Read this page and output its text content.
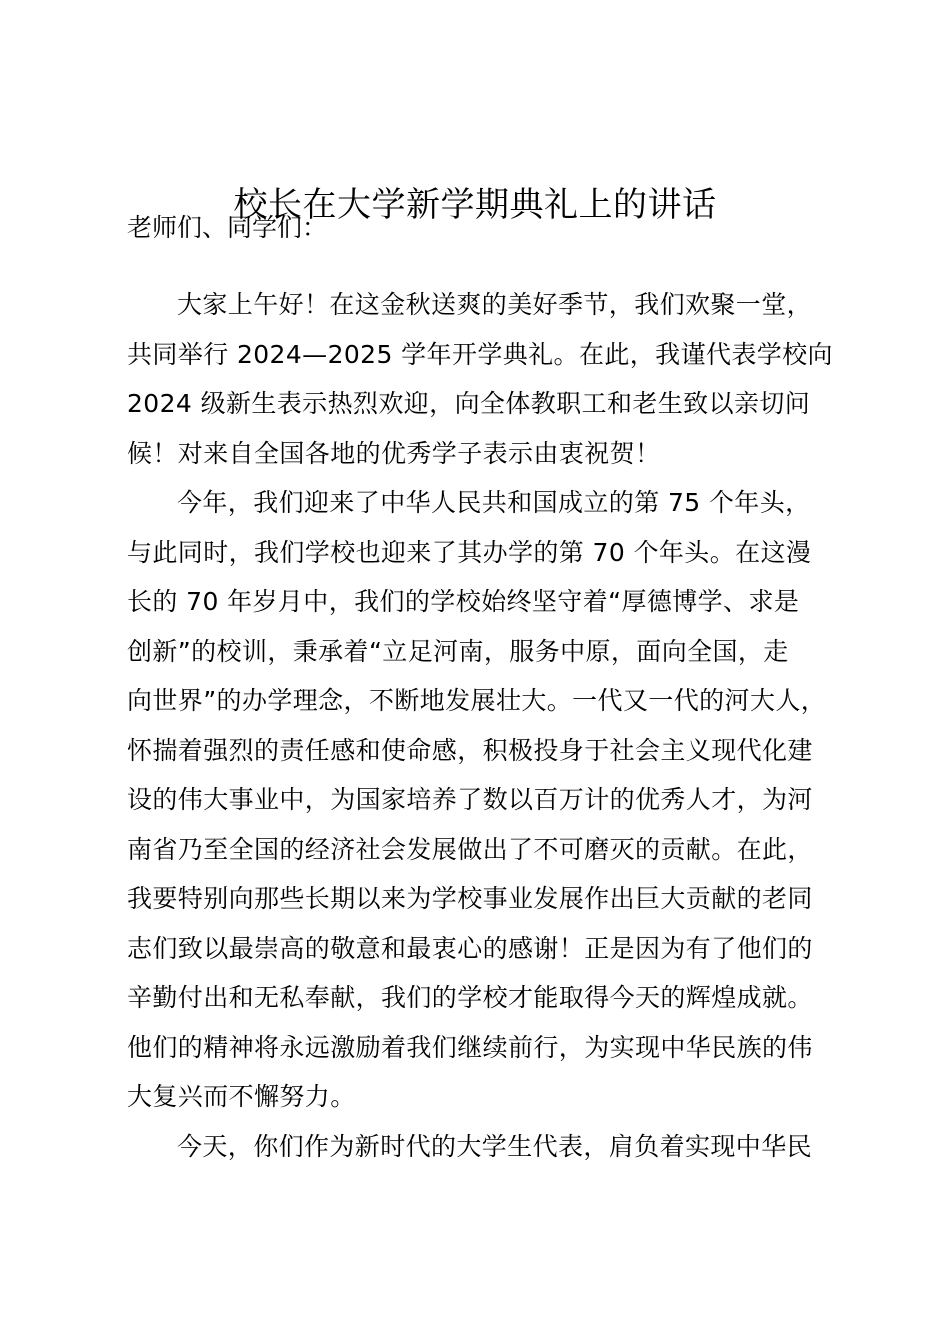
校长在大学新学期典礼上的讲话

老师们、同学们：

大家上午好！在这金秋送爽的美好季节，我们欢聚一堂，
共同举行 2024—2025 学年开学典礼。在此，我谨代表学校向
2024 级新生表示热烈欢迎，向全体教职工和老生致以亲切问
候！对来自全国各地的优秀学子表示由衷祝贺！
今年，我们迎来了中华人民共和国成立的第 75 个年头，
与此同时，我们学校也迎来了其办学的第 70 个年头。在这漫
长的 70 年岁月中，我们的学校始终坚守着“厚德博学、求是
创新”的校训，秉承着“立足河南，服务中原，面向全国，走
向世界”的办学理念，不断地发展壮大。一代又一代的河大人，
怀揣着强烈的责任感和使命感，积极投身于社会主义现代化建
设的伟大事业中，为国家培养了数以百万计的优秀人才，为河
南省乃至全国的经济社会发展做出了不可磨灭的贡献。在此，
我要特别向那些长期以来为学校事业发展作出巨大贡献的老同
志们致以最崇高的敬意和最衷心的感谢！正是因为有了他们的
辛勤付出和无私奉献，我们的学校才能取得今天的辉煌成就。
他们的精神将永远激励着我们继续前行，为实现中华民族的伟
大复兴而不懈努力。
今天，你们作为新时代的大学生代表，肩负着实现中华民
